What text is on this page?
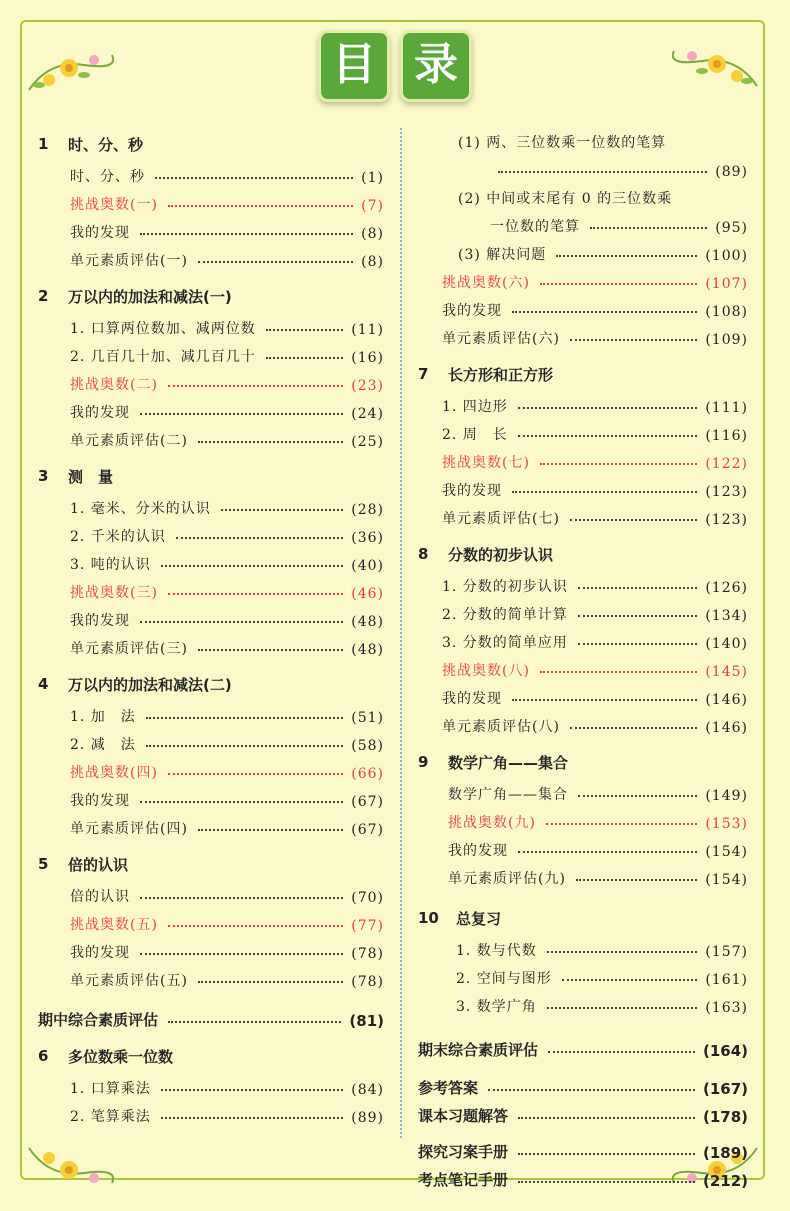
目 录
1	时、分、秒
时、分、秒	(1)
挑战奥数(一)	(7)
我的发现	(8)
单元素质评估(一)	(8)
2	万以内的加法和减法(一)
1. 口算两位数加、减两位数	(11)
2. 几百几十加、减几百几十	(16)
挑战奥数(二)	(23)
我的发现	(24)
单元素质评估(二)	(25)
3	测　量
1. 毫米、分米的认识	(28)
2. 千米的认识	(36)
3. 吨的认识	(40)
挑战奥数(三)	(46)
我的发现	(48)
单元素质评估(三)	(48)
4	万以内的加法和减法(二)
1. 加　法	(51)
2. 减　法	(58)
挑战奥数(四)	(66)
我的发现	(67)
单元素质评估(四)	(67)
5	倍的认识
倍的认识	(70)
挑战奥数(五)	(77)
我的发现	(78)
单元素质评估(五)	(78)
期中综合素质评估	(81)
6	多位数乘一位数
1. 口算乘法	(84)
2. 笔算乘法	(89)
(1) 两、三位数乘一位数的笔算
(89)
(2) 中间或末尾有 0 的三位数乘
一位数的笔算	(95)
(3) 解决问题	(100)
挑战奥数(六)	(107)
我的发现	(108)
单元素质评估(六)	(109)
7	长方形和正方形
1. 四边形	(111)
2. 周　长	(116)
挑战奥数(七)	(122)
我的发现	(123)
单元素质评估(七)	(123)
8	分数的初步认识
1. 分数的初步认识	(126)
2. 分数的简单计算	(134)
3. 分数的简单应用	(140)
挑战奥数(八)	(145)
我的发现	(146)
单元素质评估(八)	(146)
9	数学广角——集合
数学广角——集合	(149)
挑战奥数(九)	(153)
我的发现	(154)
单元素质评估(九)	(154)
10	总复习
1. 数与代数	(157)
2. 空间与图形	(161)
3. 数学广角	(163)
期末综合素质评估	(164)
参考答案	(167)
课本习题解答	(178)
探究习案手册	(189)
考点笔记手册	(212)
